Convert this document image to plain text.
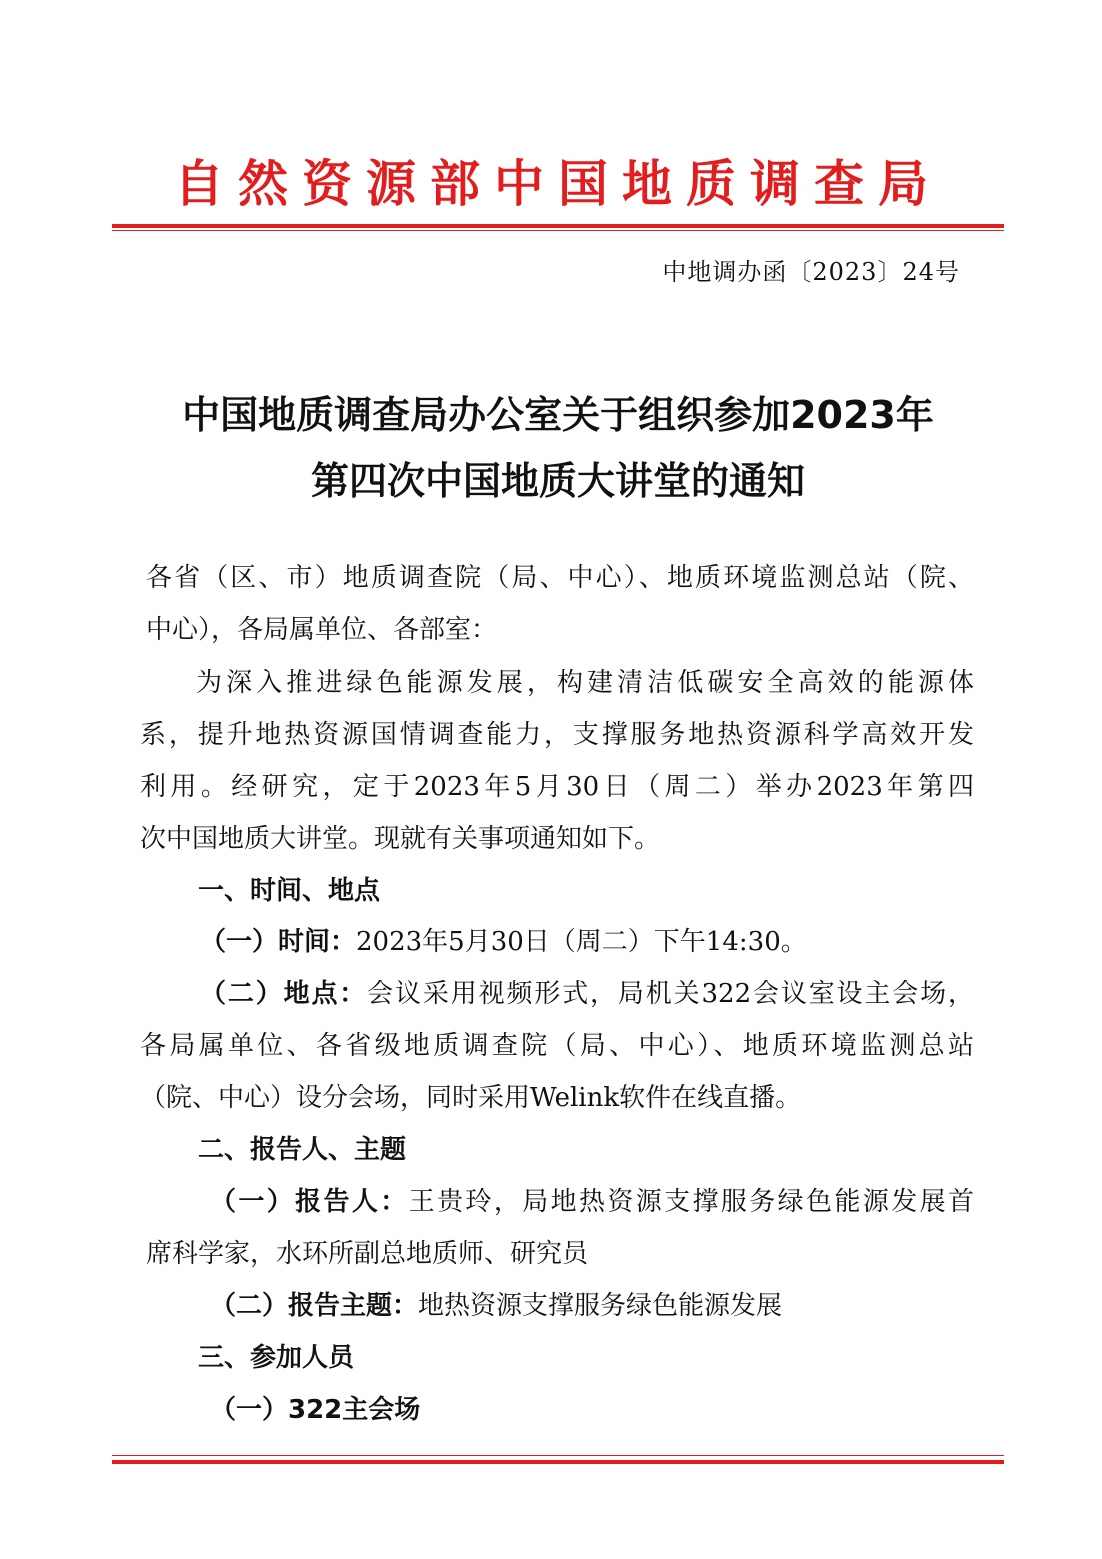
自然资源部中国地质调查局
中地调办函〔2023〕24号
中国地质调查局办公室关于组织参加2023年
第四次中国地质大讲堂的通知
各省（区、市）地质调查院（局、中心）、地质环境监测总站（院、
中心），各局属单位、各部室：
为深入推进绿色能源发展，构建清洁低碳安全高效的能源体
系，提升地热资源国情调查能力，支撑服务地热资源科学高效开发
利用。经研究，定于2023年5月30日（周二）举办2023年第四
次中国地质大讲堂。现就有关事项通知如下。
一、时间、地点
（一）时间：2023年5月30日（周二）下午14:30。
（二）地点：会议采用视频形式，局机关322会议室设主会场，
各局属单位、各省级地质调查院（局、中心）、地质环境监测总站
（院、中心）设分会场，同时采用Welink软件在线直播。
二、报告人、主题
（一）报告人：王贵玲，局地热资源支撑服务绿色能源发展首
席科学家，水环所副总地质师、研究员
（二）报告主题：地热资源支撑服务绿色能源发展
三、参加人员
（一）322主会场
